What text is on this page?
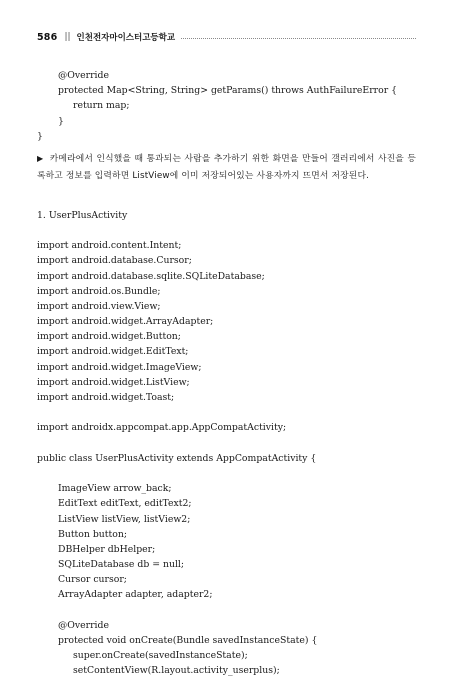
586 || 인천전자마이스터고등학교
@Override
protected Map<String, String> getParams() throws AuthFailureError {
return map;
}
}
▶ 카메라에서 인식했을 때 통과되는 사람을 추가하기 위한 화면을 만들어 갤러리에서 사진을 등록하고 정보를 입력하면 ListView에 이미 저장되어있는 사용자까지 뜨면서 저장된다.
1. UserPlusActivity
import android.content.Intent;
import android.database.Cursor;
import android.database.sqlite.SQLiteDatabase;
import android.os.Bundle;
import android.view.View;
import android.widget.ArrayAdapter;
import android.widget.Button;
import android.widget.EditText;
import android.widget.ImageView;
import android.widget.ListView;
import android.widget.Toast;
import androidx.appcompat.app.AppCompatActivity;
public class UserPlusActivity extends AppCompatActivity {
ImageView arrow_back;
EditText editText, editText2;
ListView listView, listView2;
Button button;
DBHelper dbHelper;
SQLiteDatabase db = null;
Cursor cursor;
ArrayAdapter adapter, adapter2;
@Override
protected void onCreate(Bundle savedInstanceState) {
super.onCreate(savedInstanceState);
setContentView(R.layout.activity_userplus);
